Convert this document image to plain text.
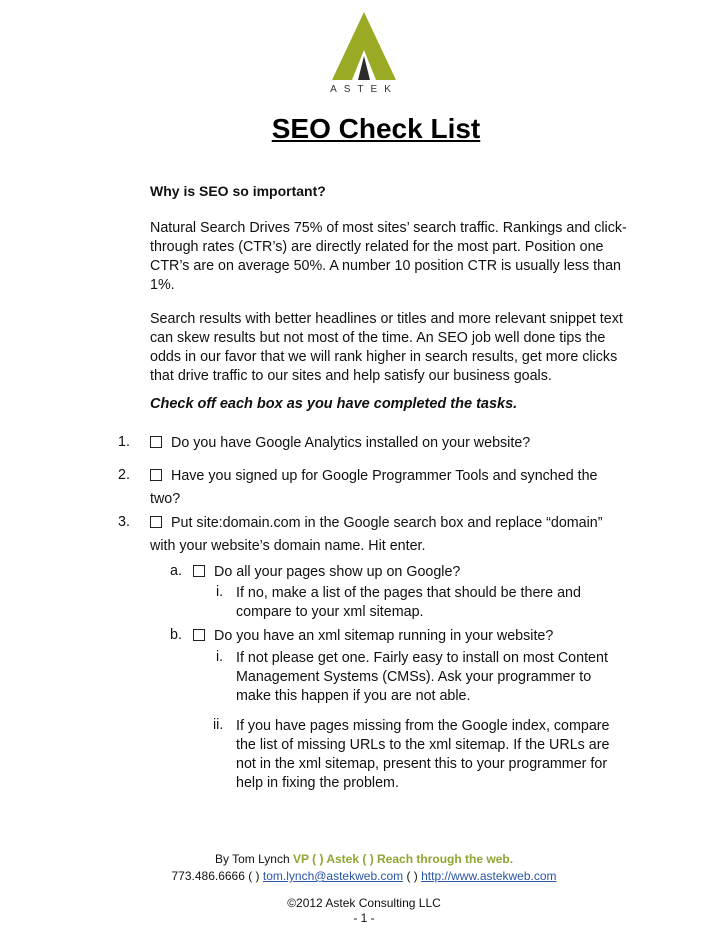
ASTEK
SEO Check List
Why is SEO so important?
Natural Search Drives 75% of most sites’ search traffic. Rankings and click-through rates (CTR’s) are directly related for the most part. Position one CTR’s are on average 50%. A number 10 position CTR is usually less than 1%.
Search results with better headlines or titles and more relevant snippet text can skew results but not most of the time. An SEO job well done tips the odds in our favor that we will rank higher in search results, get more clicks that drive traffic to our sites and help satisfy our business goals.
Check off each box as you have completed the tasks.
1.	Do you have Google Analytics installed on your website?
2.	Have you signed up for Google Programmer Tools and synched the
two?
3.	Put site:domain.com in the Google search box and replace “domain”
with your website’s domain name. Hit enter.
a.	Do all your pages show up on Google?
i. If no, make a list of the pages that should be there and compare to your xml sitemap.
b.	Do you have an xml sitemap running in your website?
i. If not please get one. Fairly easy to install on most Content Management Systems (CMSs). Ask your programmer to make this happen if you are not able.
ii. If you have pages missing from the Google index, compare the list of missing URLs to the xml sitemap. If the URLs are not in the xml sitemap, present this to your programmer for help in fixing the problem.
By Tom Lynch VP ( ) Astek ( ) Reach through the web.
773.486.6666 ( ) tom.lynch@astekweb.com ( ) http://www.astekweb.com
©2012 Astek Consulting LLC
- 1 -
